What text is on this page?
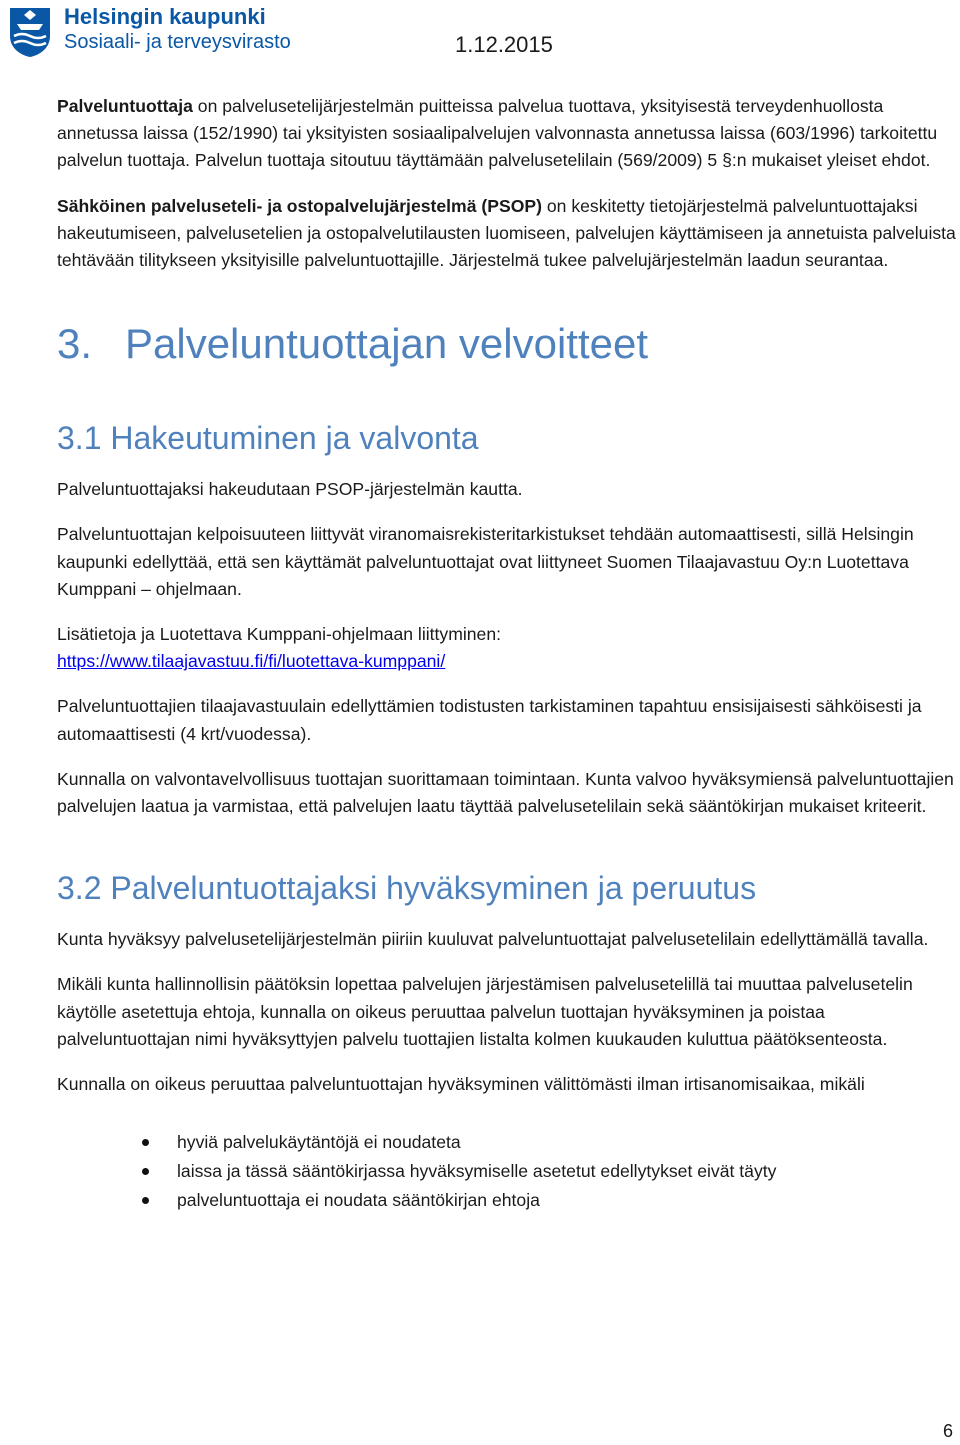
Helsingin kaupunki
Sosiaali- ja terveysvirasto	1.12.2015

Palveluntuottaja on palvelusetelijärjestelmän puitteissa palvelua tuottava, yksityisestä terveydenhuollosta annetussa laissa (152/1990) tai yksityisten sosiaalipalvelujen valvonnasta annetussa laissa (603/1996) tarkoitettu palvelun tuottaja. Palvelun tuottaja sitoutuu täyttämään palvelusetelilain (569/2009) 5 §:n mukaiset yleiset ehdot.

Sähköinen palveluseteli- ja ostopalvelujärjestelmä (PSOP) on keskitetty tietojärjestelmä palveluntuottajaksi hakeutumiseen, palvelusetelien ja ostopalvelutilausten luomiseen, palvelujen käyttämiseen ja annetuista palveluista tehtävään tilitykseen yksityisille palveluntuottajille. Järjestelmä tukee palvelujärjestelmän laadun seurantaa.

3. Palveluntuottajan velvoitteet
3.1 Hakeutuminen ja valvonta

Palveluntuottajaksi hakeudutaan PSOP-järjestelmän kautta.

Palveluntuottajan kelpoisuuteen liittyvät viranomaisrekisteritarkistukset tehdään automaattisesti, sillä Helsingin kaupunki edellyttää, että sen käyttämät palveluntuottajat ovat liittyneet Suomen Tilaajavastuu Oy:n Luotettava Kumppani – ohjelmaan.

Lisätietoja ja Luotettava Kumppani-ohjelmaan liittyminen:
https://www.tilaajavastuu.fi/fi/luotettava-kumppani/

Palveluntuottajien tilaajavastuulain edellyttämien todistusten tarkistaminen tapahtuu ensisijaisesti sähköisesti ja automaattisesti (4 krt/vuodessa).

Kunnalla on valvontavelvollisuus tuottajan suorittamaan toimintaan. Kunta valvoo hyväksymiensä palveluntuottajien palvelujen laatua ja varmistaa, että palvelujen laatu täyttää palvelusetelilain sekä sääntökirjan mukaiset kriteerit.

3.2 Palveluntuottajaksi hyväksyminen ja peruutus

Kunta hyväksyy palvelusetelijärjestelmän piiriin kuuluvat palveluntuottajat palvelusetelilain edellyttämällä tavalla.

Mikäli kunta hallinnollisin päätöksin lopettaa palvelujen järjestämisen palvelusetelillä tai muuttaa palvelusetelin käytölle asetettuja ehtoja, kunnalla on oikeus peruuttaa palvelun tuottajan hyväksyminen ja poistaa palveluntuottajan nimi hyväksyttyjen palvelu tuottajien listalta kolmen kuukauden kuluttua päätöksenteosta.

Kunnalla on oikeus peruuttaa palveluntuottajan hyväksyminen välittömästi ilman irtisanomisaikaa, mikäli

hyviä palvelukäytäntöjä ei noudateta
laissa ja tässä sääntökirjassa hyväksymiselle asetetut edellytykset eivät täyty
palveluntuottaja ei noudata sääntökirjan ehtoja
6
